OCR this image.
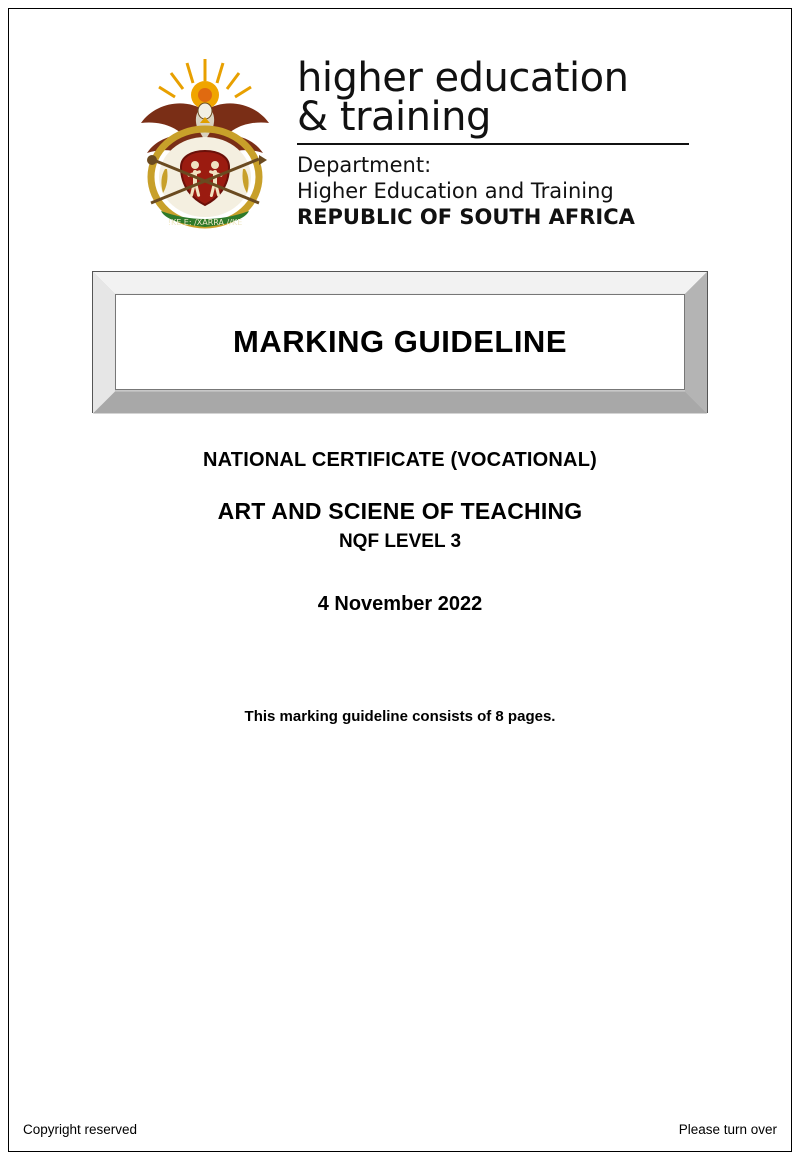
!KE E: /XARRA //KE
higher education
& training
Department:
Higher Education and Training
REPUBLIC OF SOUTH AFRICA
MARKING GUIDELINE
NATIONAL CERTIFICATE (VOCATIONAL)
ART AND SCIENE OF TEACHING
NQF LEVEL 3
4 November 2022
This marking guideline consists of 8 pages.
Copyright reserved	Please turn over
